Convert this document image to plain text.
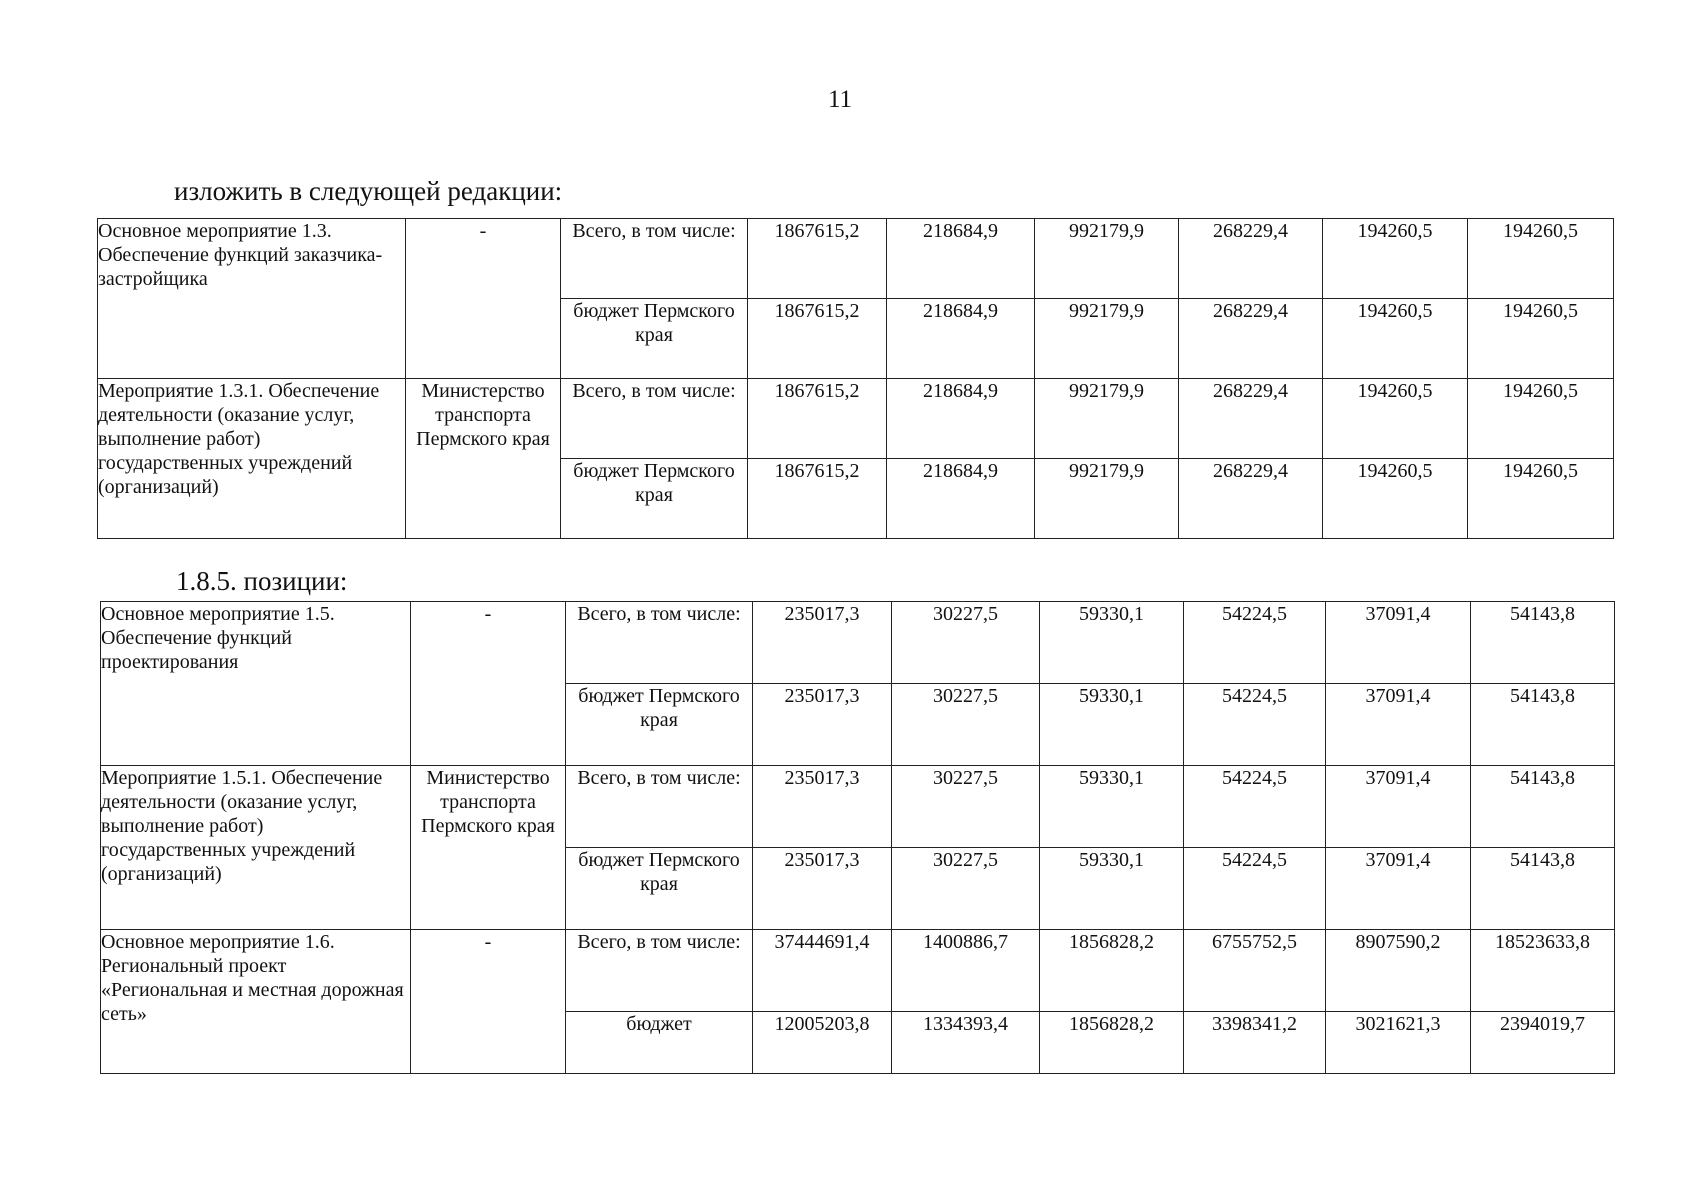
11
изложить в следующей редакции:
Основное мероприятие 1.3. Обеспечение функций заказчика-застройщика	-	Всего, в том числе:	1867615,2	218684,9	992179,9	268229,4	194260,5	194260,5
		бюджет Пермского края	1867615,2	218684,9	992179,9	268229,4	194260,5	194260,5
Мероприятие 1.3.1. Обеспечение деятельности (оказание услуг, выполнение работ) государственных учреждений (организаций)	Министерство транспорта Пермского края	Всего, в том числе:	1867615,2	218684,9	992179,9	268229,4	194260,5	194260,5
		бюджет Пермского края	1867615,2	218684,9	992179,9	268229,4	194260,5	194260,5
1.8.5. позиции:
Основное мероприятие 1.5. Обеспечение функций проектирования	-	Всего, в том числе:	235017,3	30227,5	59330,1	54224,5	37091,4	54143,8
		бюджет Пермского края	235017,3	30227,5	59330,1	54224,5	37091,4	54143,8
Мероприятие 1.5.1. Обеспечение деятельности (оказание услуг, выполнение работ) государственных учреждений (организаций)	Министерство транспорта Пермского края	Всего, в том числе:	235017,3	30227,5	59330,1	54224,5	37091,4	54143,8
		бюджет Пермского края	235017,3	30227,5	59330,1	54224,5	37091,4	54143,8
Основное мероприятие 1.6. Региональный проект «Региональная и местная дорожная сеть»	-	Всего, в том числе:	37444691,4	1400886,7	1856828,2	6755752,5	8907590,2	18523633,8
		бюджет	12005203,8	1334393,4	1856828,2	3398341,2	3021621,3	2394019,7
